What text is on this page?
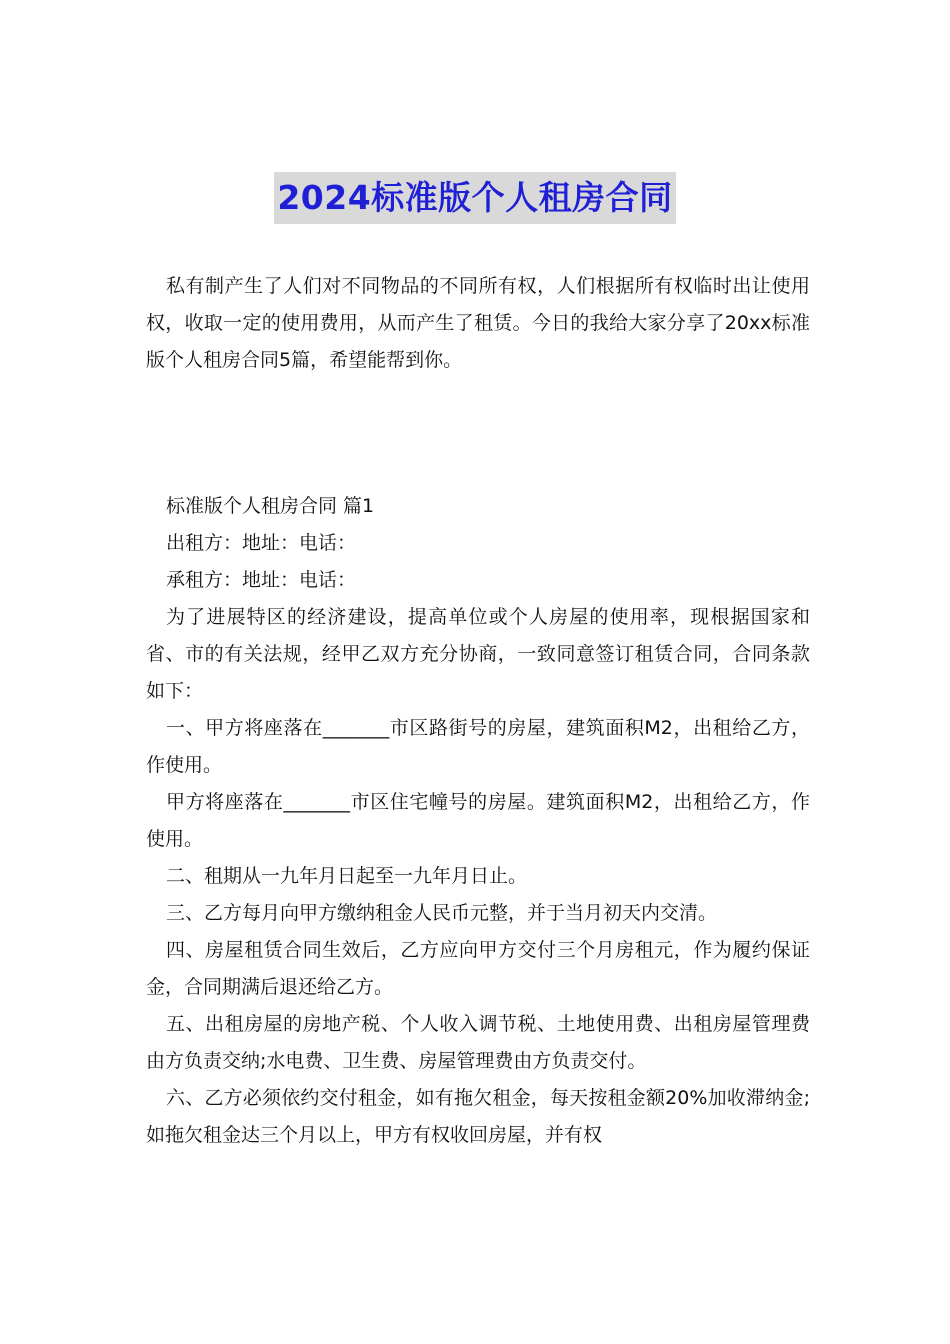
2024标准版个人租房合同
私有制产生了人们对不同物品的不同所有权，人们根据所有权临时出让使用权，收取一定的使用费用，从而产生了租赁。今日的我给大家分享了20xx标准版个人租房合同5篇，希望能帮到你。

标准版个人租房合同 篇1

出租方：地址：电话：

承租方：地址：电话：

为了进展特区的经济建设，提高单位或个人房屋的使用率，现根据国家和省、市的有关法规，经甲乙双方充分协商，一致同意签订租赁合同，合同条款如下：

一、甲方将座落在_______市区路街号的房屋，建筑面积M2，出租给乙方，作使用。

甲方将座落在_______市区住宅幢号的房屋。建筑面积M2，出租给乙方，作使用。

二、租期从一九年月日起至一九年月日止。

三、乙方每月向甲方缴纳租金人民币元整，并于当月初天内交清。

四、房屋租赁合同生效后，乙方应向甲方交付三个月房租元，作为履约保证金，合同期满后退还给乙方。

五、出租房屋的房地产税、个人收入调节税、土地使用费、出租房屋管理费由方负责交纳;水电费、卫生费、房屋管理费由方负责交付。

六、乙方必须依约交付租金，如有拖欠租金，每天按租金额20%加收滞纳金;如拖欠租金达三个月以上，甲方有权收回房屋，并有权
